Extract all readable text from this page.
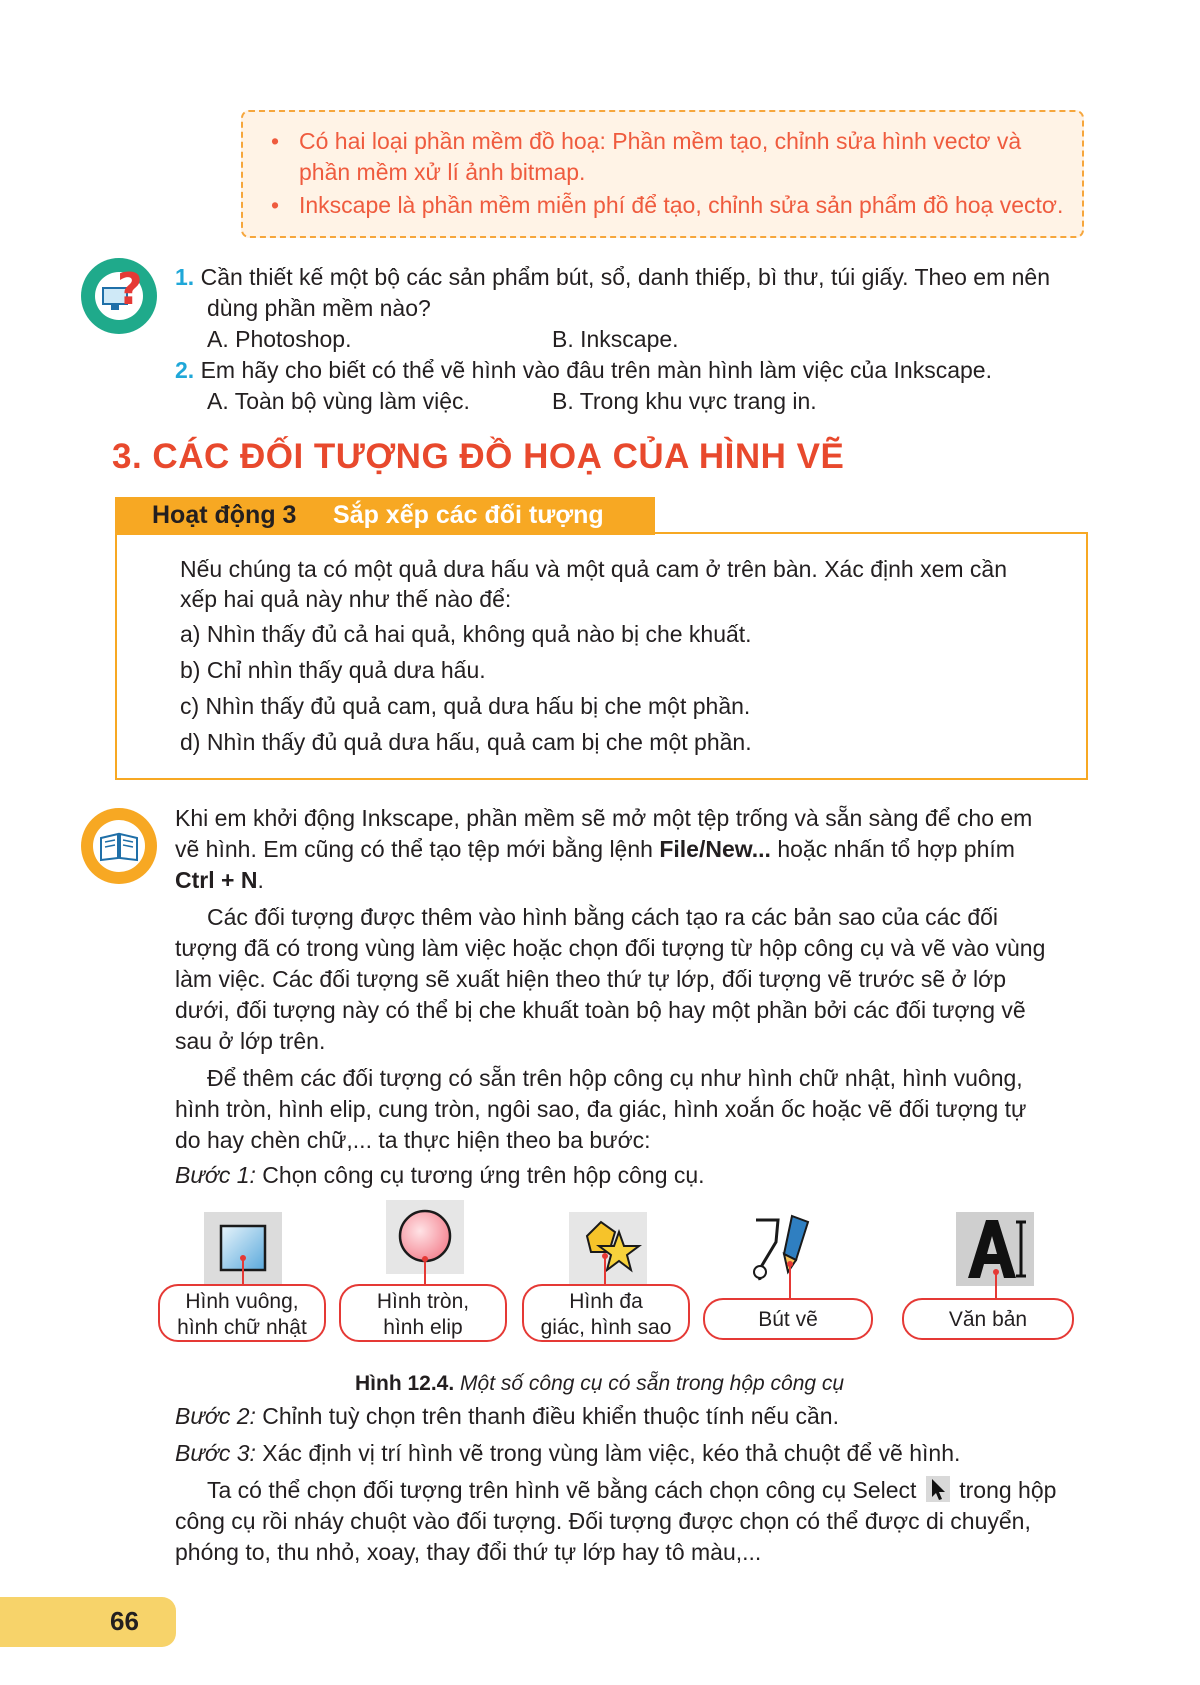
• Có hai loại phần mềm đồ hoạ: Phần mềm tạo, chỉnh sửa hình vectơ và
phần mềm xử lí ảnh bitmap.
• Inkscape là phần mềm miễn phí để tạo, chỉnh sửa sản phẩm đồ hoạ vectơ.
? 1. Cần thiết kế một bộ các sản phẩm bút, sổ, danh thiếp, bì thư, túi giấy. Theo em nên
dùng phần mềm nào?
A. Photoshop.	B. Inkscape.
2. Em hãy cho biết có thể vẽ hình vào đâu trên màn hình làm việc của Inkscape.
A. Toàn bộ vùng làm việc.	B. Trong khu vực trang in.
3. CÁC ĐỐI TƯỢNG ĐỒ HOẠ CỦA HÌNH VẼ
Hoạt động 3 Sắp xếp các đối tượng
Nếu chúng ta có một quả dưa hấu và một quả cam ở trên bàn. Xác định xem cần
xếp hai quả này như thế nào để:
a) Nhìn thấy đủ cả hai quả, không quả nào bị che khuất.
b) Chỉ nhìn thấy quả dưa hấu.
c) Nhìn thấy đủ quả cam, quả dưa hấu bị che một phần.
d) Nhìn thấy đủ quả dưa hấu, quả cam bị che một phần.
Khi em khởi động Inkscape, phần mềm sẽ mở một tệp trống và sẵn sàng để cho em
vẽ hình. Em cũng có thể tạo tệp mới bằng lệnh File/New... hoặc nhấn tổ hợp phím
Ctrl + N.
Các đối tượng được thêm vào hình bằng cách tạo ra các bản sao của các đối
tượng đã có trong vùng làm việc hoặc chọn đối tượng từ hộp công cụ và vẽ vào vùng
làm việc. Các đối tượng sẽ xuất hiện theo thứ tự lớp, đối tượng vẽ trước sẽ ở lớp
dưới, đối tượng này có thể bị che khuất toàn bộ hay một phần bởi các đối tượng vẽ
sau ở lớp trên.
Để thêm các đối tượng có sẵn trên hộp công cụ như hình chữ nhật, hình vuông,
hình tròn, hình elip, cung tròn, ngôi sao, đa giác, hình xoắn ốc hoặc vẽ đối tượng tự
do hay chèn chữ,... ta thực hiện theo ba bước:
Bước 1: Chọn công cụ tương ứng trên hộp công cụ.
Hình vuông,
hình chữ nhật
Hình tròn,
hình elip
Hình đa
giác, hình sao	Bút vẽ	Văn bản
Hình 12.4. Một số công cụ có sẵn trong hộp công cụ
Bước 2: Chỉnh tuỳ chọn trên thanh điều khiển thuộc tính nếu cần.
Bước 3: Xác định vị trí hình vẽ trong vùng làm việc, kéo thả chuột để vẽ hình.
Ta có thể chọn đối tượng trên hình vẽ bằng cách chọn công cụ Select trong hộp
công cụ rồi nháy chuột vào đối tượng. Đối tượng được chọn có thể được di chuyển,
phóng to, thu nhỏ, xoay, thay đổi thứ tự lớp hay tô màu,...
66
